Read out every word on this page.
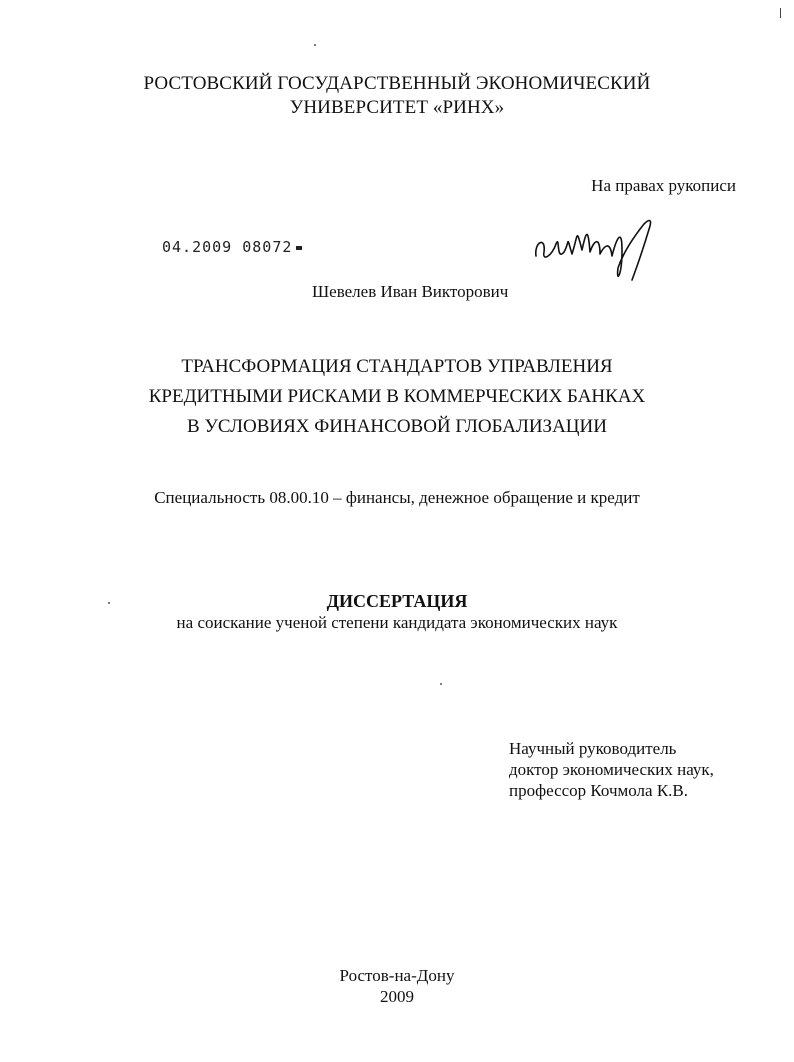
РОСТОВСКИЙ ГОСУДАРСТВЕННЫЙ ЭКОНОМИЧЕСКИЙ
УНИВЕРСИТЕТ «РИНХ»
На правах рукописи
04.2009 08072
Шевелев Иван Викторович
ТРАНСФОРМАЦИЯ СТАНДАРТОВ УПРАВЛЕНИЯ
КРЕДИТНЫМИ РИСКАМИ В КОММЕРЧЕСКИХ БАНКАХ
В УСЛОВИЯХ ФИНАНСОВОЙ ГЛОБАЛИЗАЦИИ
Специальность 08.00.10 – финансы, денежное обращение и кредит
ДИССЕРТАЦИЯ
на соискание ученой степени кандидата экономических наук
Научный руководитель
доктор экономических наук,
профессор Кочмола К.В.
Ростов-на-Дону
2009
